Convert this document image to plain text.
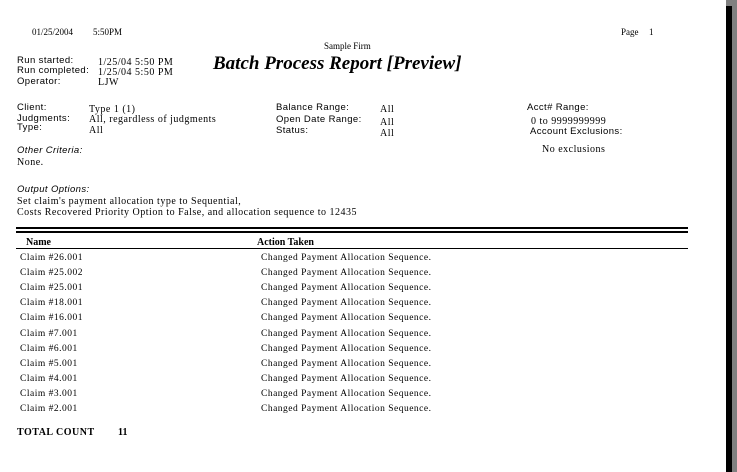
01/25/2004 5:50PM	Page 1
Sample Firm
Batch Process Report [Preview]
Run started: 1/25/04 5:50 PM
Run completed: 1/25/04 5:50 PM
Operator:	LJW
Client:	Type 1 (1)
Judgments: All, regardless of judgments
Type:	All
Balance Range:	All
Open Date Range: All
Status:	All
Acct# Range:
0 to 9999999999
Account Exclusions:
No exclusions
Other Criteria:
None.
Output Options:
Set claim's payment allocation type to Sequential,
Costs Recovered Priority Option to False, and allocation sequence to 12435
Name	Action Taken
Claim #26.001	Changed Payment Allocation Sequence.
Claim #25.002	Changed Payment Allocation Sequence.
Claim #25.001	Changed Payment Allocation Sequence.
Claim #18.001	Changed Payment Allocation Sequence.
Claim #16.001	Changed Payment Allocation Sequence.
Claim #7.001	Changed Payment Allocation Sequence.
Claim #6.001	Changed Payment Allocation Sequence.
Claim #5.001	Changed Payment Allocation Sequence.
Claim #4.001	Changed Payment Allocation Sequence.
Claim #3.001	Changed Payment Allocation Sequence.
Claim #2.001	Changed Payment Allocation Sequence.
TOTAL COUNT 11
